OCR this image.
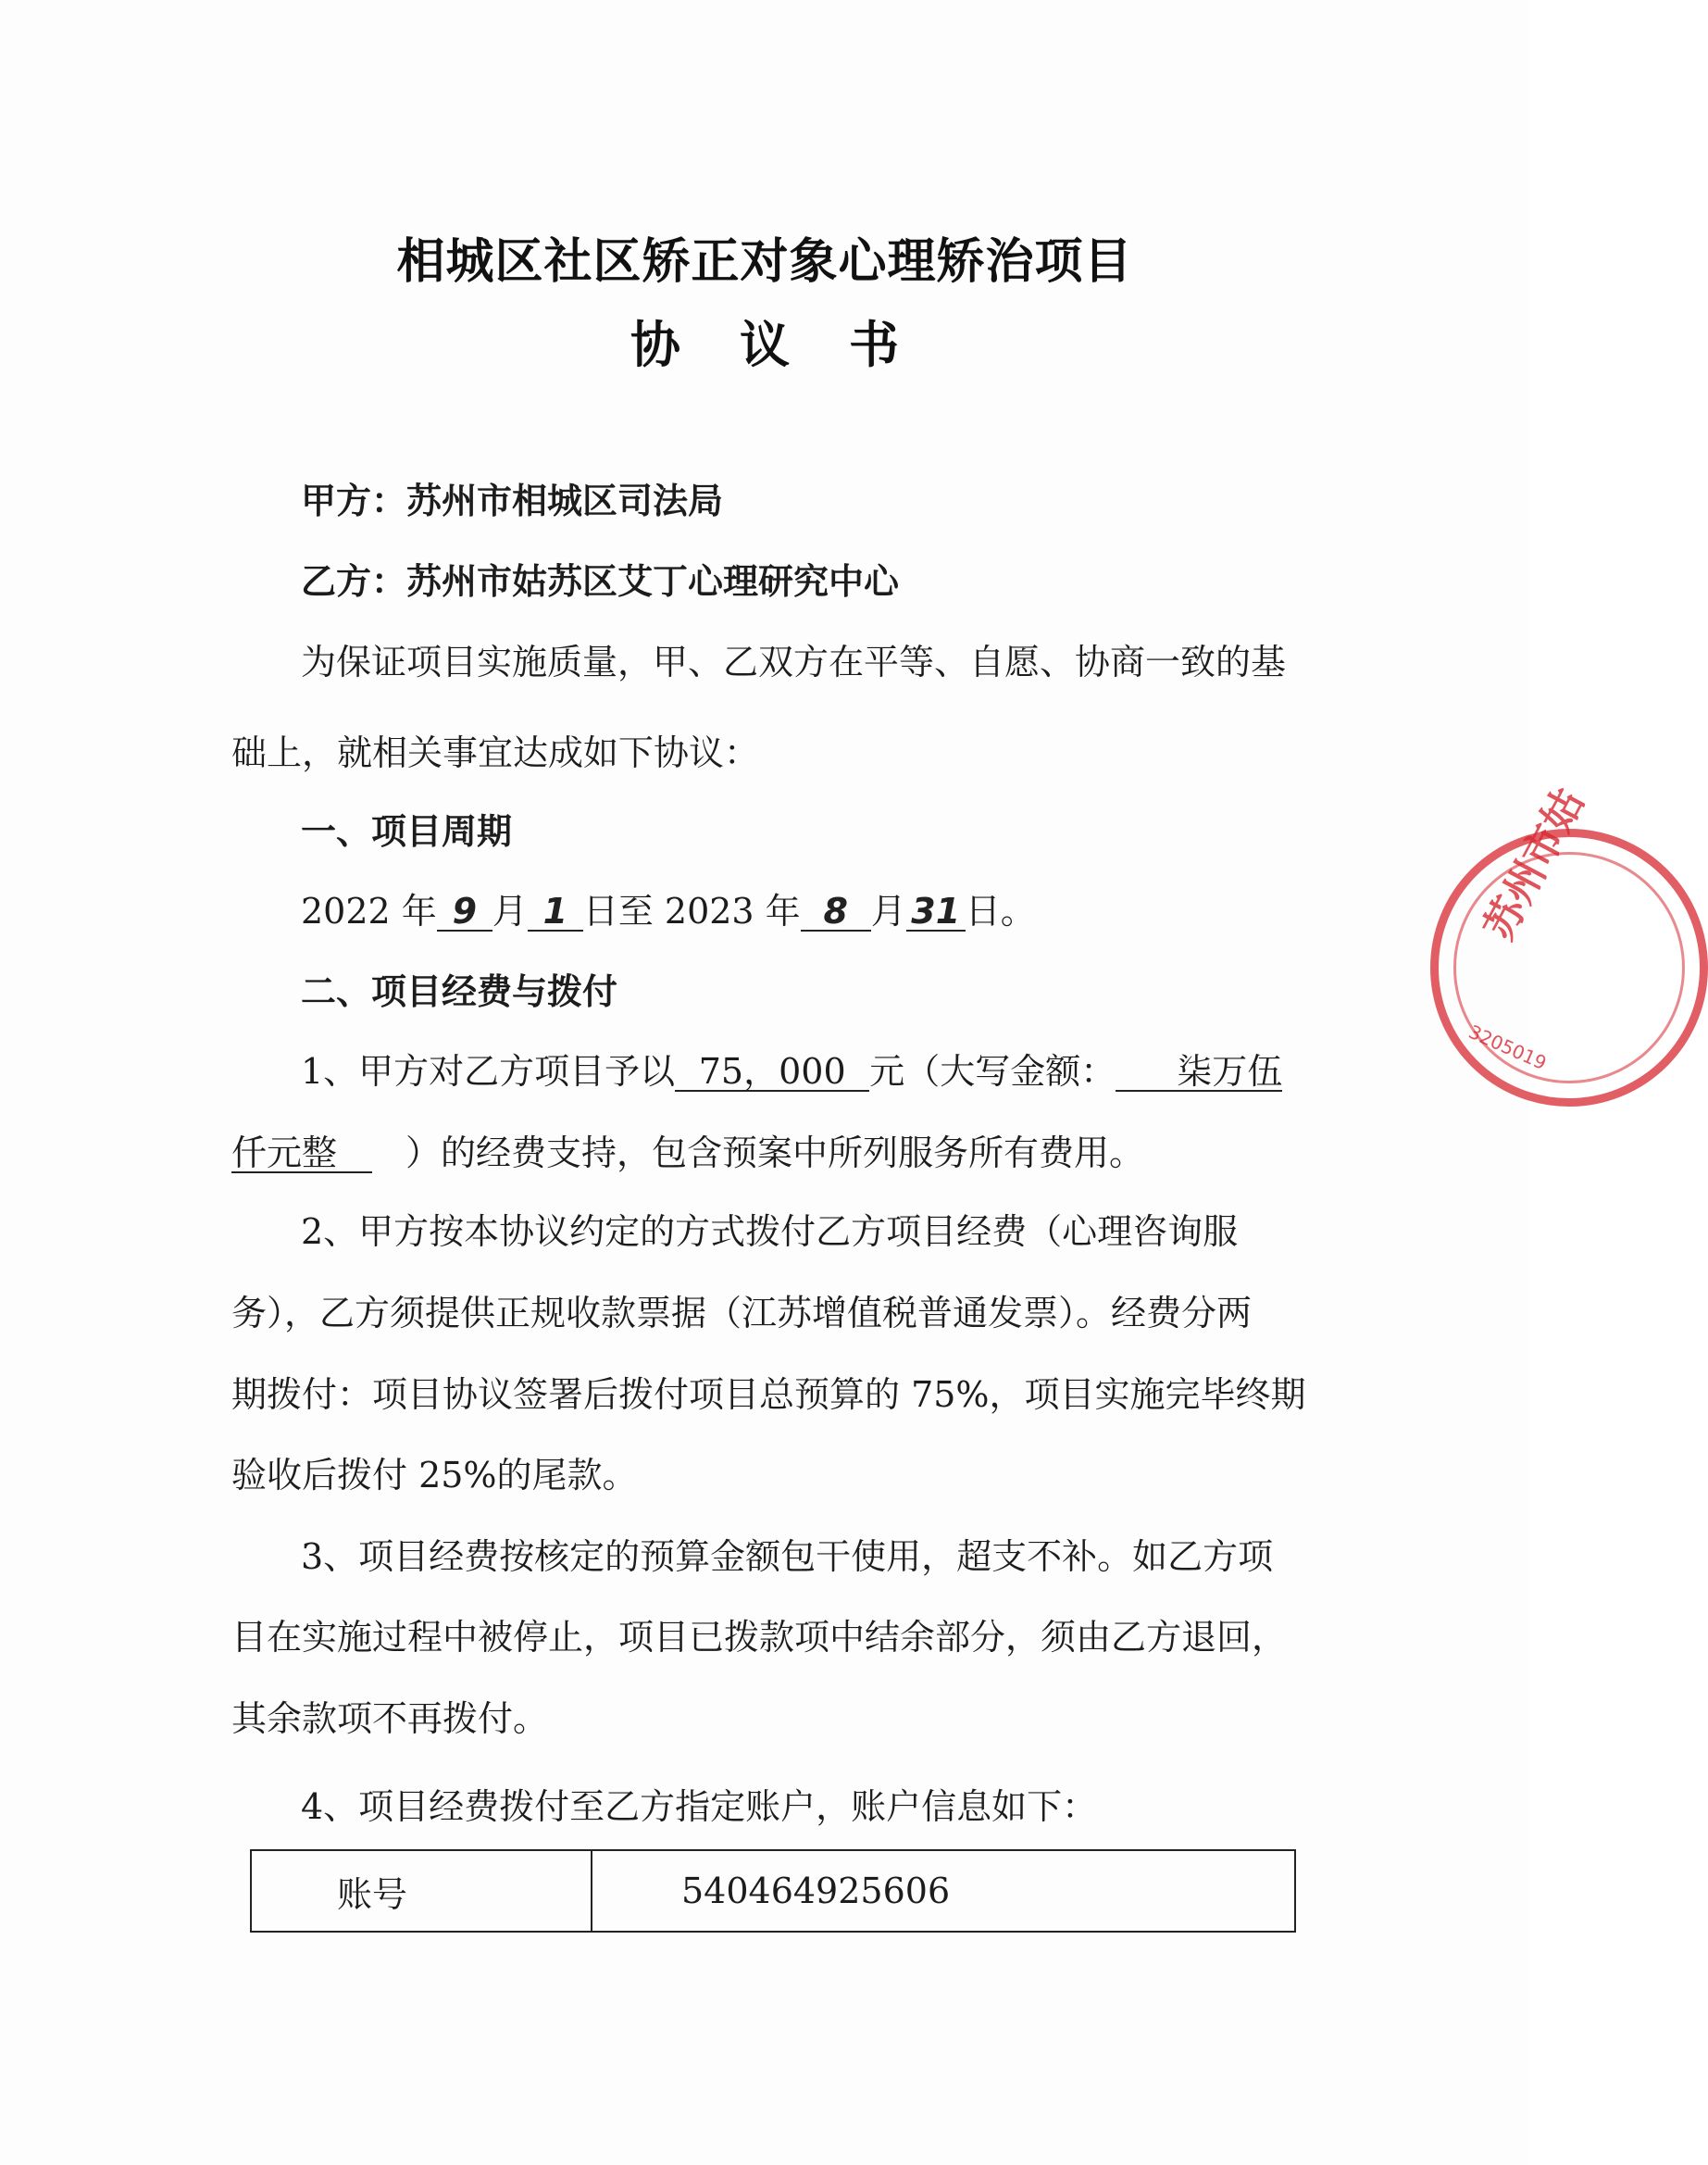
相城区社区矫正对象心理矫治项目
协议书
甲方：苏州市相城区司法局
乙方：苏州市姑苏区艾丁心理研究中心
为保证项目实施质量，甲、乙双方在平等、自愿、协商一致的基
础上，就相关事宜达成如下协议：
一、项目周期
2022 年 9 月 1 日至 2023 年 8 月 31 日。
二、项目经费与拨付
1、甲方对乙方项目予以 75，000 元（大写金额： 柒万伍
仟元整 ）的经费支持，包含预案中所列服务所有费用。
2、甲方按本协议约定的方式拨付乙方项目经费（心理咨询服
务），乙方须提供正规收款票据（江苏增值税普通发票）。经费分两
期拨付：项目协议签署后拨付项目总预算的 75%，项目实施完毕终期
验收后拨付 25%的尾款。
3、项目经费按核定的预算金额包干使用，超支不补。如乙方项
目在实施过程中被停止，项目已拨款项中结余部分，须由乙方退回，
其余款项不再拨付。
4、项目经费拨付至乙方指定账户，账户信息如下：
账号	540464925606
苏州市姑
3205019
